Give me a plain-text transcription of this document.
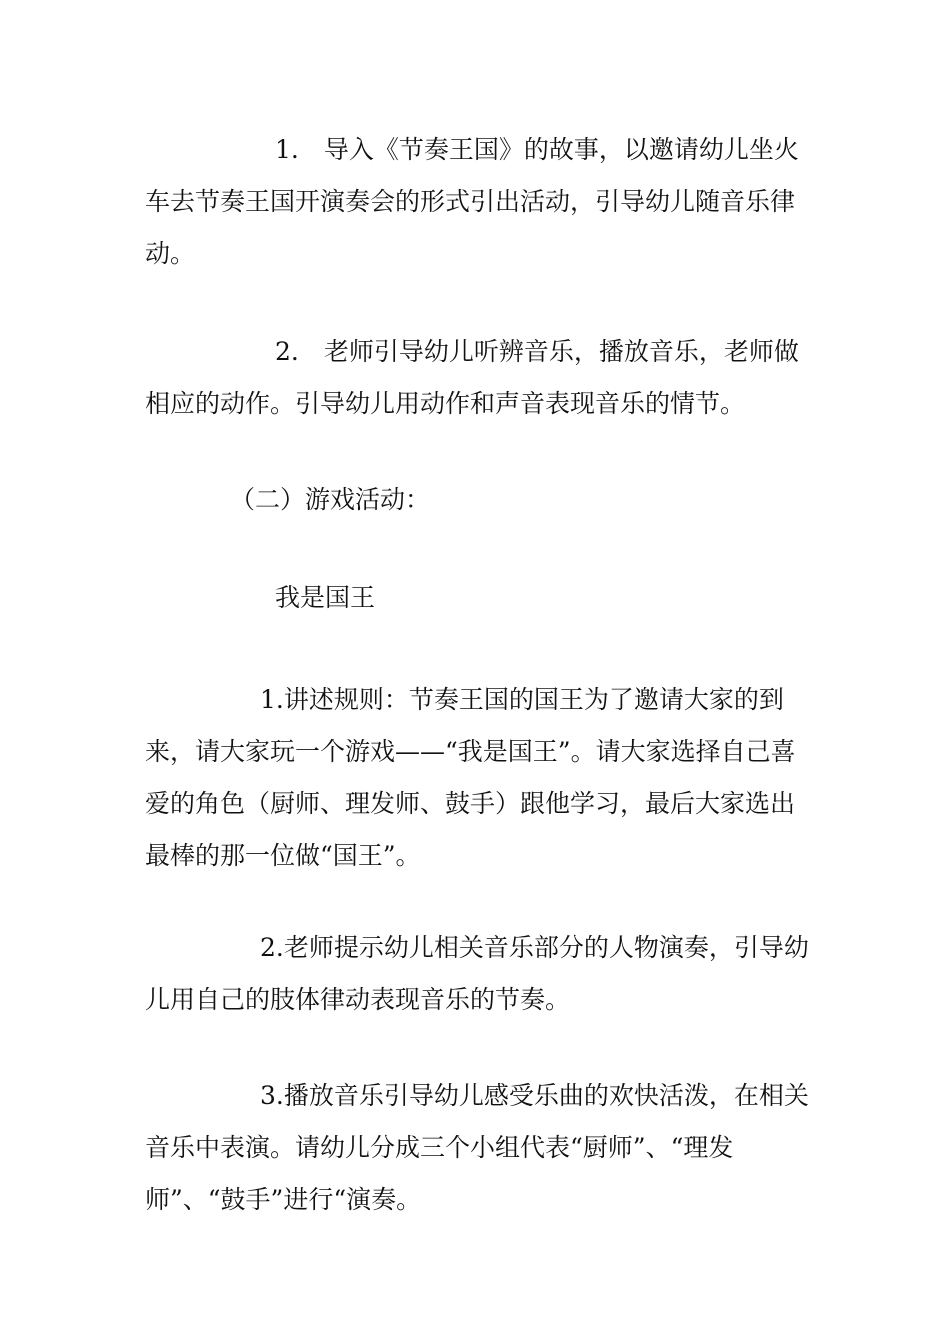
1.　导入《节奏王国》的故事，以邀请幼儿坐火车去节奏王国开演奏会的形式引出活动，引导幼儿随音乐律动。

2.　老师引导幼儿听辨音乐，播放音乐，老师做相应的动作。引导幼儿用动作和声音表现音乐的情节。

（二）游戏活动：

我是国王

1.讲述规则：节奏王国的国王为了邀请大家的到来，请大家玩一个游戏——“我是国王”。请大家选择自己喜爱的角色（厨师、理发师、鼓手）跟他学习，最后大家选出最棒的那一位做“国王”。

2.老师提示幼儿相关音乐部分的人物演奏，引导幼儿用自己的肢体律动表现音乐的节奏。

3.播放音乐引导幼儿感受乐曲的欢快活泼，在相关音乐中表演。请幼儿分成三个小组代表“厨师”、“理发师”、“鼓手”进行“演奏。
